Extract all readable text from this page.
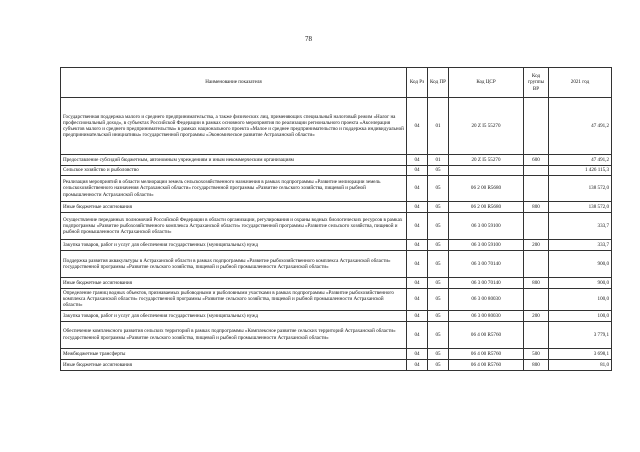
78
Наименование показателя	Код Рз	Код ПР	Код ЦСР	Код группы ВР	2021 год
Государственная поддержка малого и среднего предпринимательства, а также физических лиц, применяющих специальный налоговый режим «Налог на профессиональный доход», в субъектах Российской Федерации в рамках основного мероприятия по реализации регионального проекта «Акселерация субъектов малого и среднего предпринимательства» в рамках национального проекта «Малое и среднее предпринимательство и поддержка индивидуальной предпринимательской инициативы» государственной программы «Экономическое развитие Астраханской области»	04	01	20 Z I5 55270		47 491,2
Предоставление субсидий бюджетным, автономным учреждениям и иным некоммерческим организациям	04	01	20 Z I5 55270	600	47 491,2
Сельское хозяйство и рыболовство	04	05			1 426 115,3
Реализация мероприятий в области мелиорации земель сельскохозяйственного назначения в рамках подпрограммы «Развитие мелиорации земель сельскохозяйственного назначения Астраханской области» государственной программы «Развитие сельского хозяйства, пищевой и рыбной промышленности Астраханской области»	04	05	06 2 00 R5680		138 572,0
Иные бюджетные ассигнования	04	05	06 2 00 R5680	800	138 572,0
Осуществление переданных полномочий Российской Федерации в области организации, регулирования и охраны водных биологических ресурсов в рамках подпрограммы «Развитие рыбохозяйственного комплекса Астраханской области» государственной программы «Развитие сельского хозяйства, пищевой и рыбной промышленности Астраханской области»	04	05	06 3 00 59100		333,7
Закупка товаров, работ и услуг для обеспечения государственных (муниципальных) нужд	04	05	06 3 00 59100	200	333,7
Поддержка развития аквакультуры в Астраханской области в рамках подпрограммы «Развитие рыбохозяйственного комплекса Астраханской области» государственной программы «Развитие сельского хозяйства, пищевой и рыбной промышленности Астраханской области»	04	05	06 3 00 70140		900,0
Иные бюджетные ассигнования	04	05	06 3 00 70140	800	900,0
Определение границ водных объектов, признаваемых рыбоводными и рыболовными участками в рамках подпрограммы «Развитие рыбохозяйственного комплекса Астраханской области» государственной программы «Развитие сельского хозяйства, пищевой и рыбной промышленности Астраханской области»	04	05	06 3 00 80030		100,0
Закупка товаров, работ и услуг для обеспечения государственных (муниципальных) нужд	04	05	06 3 00 80030	200	100,0
Обеспечение комплексного развития сельских территорий в рамках подпрограммы «Комплексное развитие сельских территорий Астраханской области» государственной программы «Развитие сельского хозяйства, пищевой и рыбной промышленности Астраханской области»	04	05	06 4 00 R5760		3 779,1
Межбюджетные трансферты	04	05	06 4 00 R5760	500	3 698,1
Иные бюджетные ассигнования	04	05	06 4 00 R5760	800	81,0
